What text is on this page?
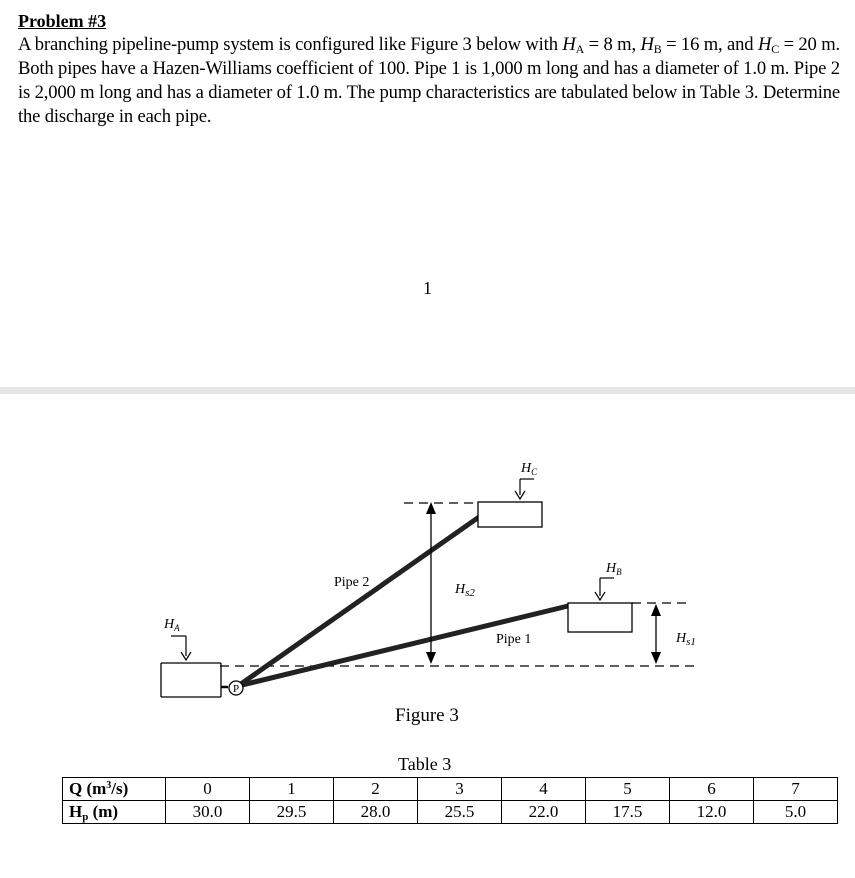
Problem #3
A branching pipeline-pump system is configured like Figure 3 below with $H_A = 8$ m, $H_B = 16$ m, and $H_C = 20$ m. Both pipes have a Hazen-Williams coefficient of 100. Pipe 1 is 1,000 m long and has a diameter of 1.0 m. Pipe 2 is 2,000 m long and has a diameter of 1.0 m. The pump characteristics are tabulated below in Table 3. Determine the discharge in each pipe.
1
P
$H_A$
$H_B$
$H_C$
$H_{s2}$
$H_{s1}$
Pipe 2
Pipe 1
Figure 3
Table 3
Q $(m^3/s)$	0	1	2	3	4	5	6	7
$H_p$ (m)	30.0	29.5	28.0	25.5	22.0	17.5	12.0	5.0
